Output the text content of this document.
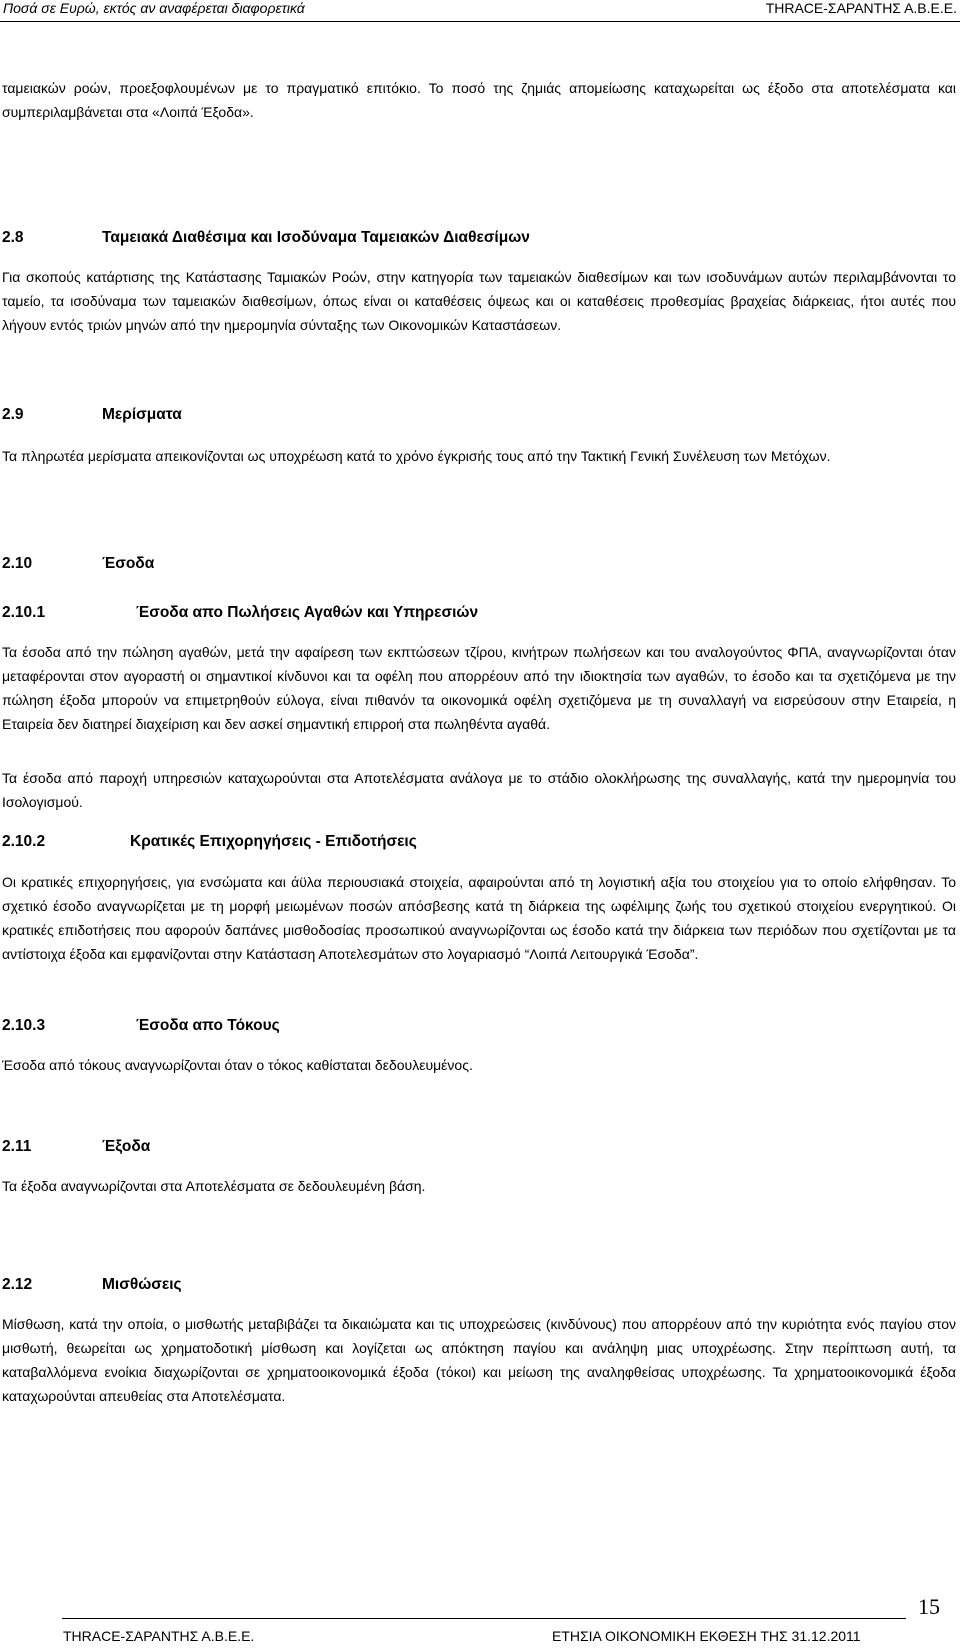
Ποσά σε Ευρώ, εκτός αν αναφέρεται διαφορετικά	THRACE-ΣΑΡΑΝΤΗΣ Α.Β.Ε.Ε.

ταμειακών ροών, προεξοφλουμένων με το πραγματικό επιτόκιο. Το ποσό της ζημιάς απομείωσης καταχωρείται ως έξοδο στα αποτελέσματα και συμπεριλαμβάνεται στα «Λοιπά Έξοδα».

2.8	Ταμειακά Διαθέσιμα και Ισοδύναμα Ταμειακών Διαθεσίμων

Για σκοπούς κατάρτισης της Κατάστασης Ταμιακών Ροών, στην κατηγορία των ταμειακών διαθεσίμων και των ισοδυνάμων αυτών περιλαμβάνονται το ταμείο, τα ισοδύναμα των ταμειακών διαθεσίμων, όπως είναι οι καταθέσεις όψεως και οι καταθέσεις προθεσμίας βραχείας διάρκειας, ήτοι αυτές που λήγουν εντός τριών μηνών από την ημερομηνία σύνταξης των Οικονομικών Καταστάσεων.

2.9	Μερίσματα

Τα πληρωτέα μερίσματα απεικονίζονται ως υποχρέωση κατά το χρόνο έγκρισής τους από την Τακτική Γενική Συνέλευση των Μετόχων.

2.10	Έσοδα
2.10.1	Έσοδα απο Πωλήσεις Αγαθών και Υπηρεσιών

Τα έσοδα από την πώληση αγαθών, μετά την αφαίρεση των εκπτώσεων τζίρου, κινήτρων πωλήσεων και του αναλογούντος ΦΠΑ, αναγνωρίζονται όταν μεταφέρονται στον αγοραστή οι σημαντικοί κίνδυνοι και τα οφέλη που απορρέουν από την ιδιοκτησία των αγαθών, το έσοδο και τα σχετιζόμενα με την πώληση έξοδα μπορούν να επιμετρηθούν εύλογα, είναι πιθανόν τα οικονομικά οφέλη σχετιζόμενα με τη συναλλαγή να εισρεύσουν στην Εταιρεία, η Εταιρεία δεν διατηρεί διαχείριση και δεν ασκεί σημαντική επιρροή στα πωληθέντα αγαθά.

Τα έσοδα από παροχή υπηρεσιών καταχωρούνται στα Αποτελέσματα ανάλογα με το στάδιο ολοκλήρωσης της συναλλαγής, κατά την ημερομηνία του Ισολογισμού.

2.10.2	Κρατικές Επιχορηγήσεις - Επιδοτήσεις

Οι κρατικές επιχορηγήσεις, για ενσώματα και άϋλα περιουσιακά στοιχεία, αφαιρούνται από τη λογιστική αξία του στοιχείου για το οποίο ελήφθησαν. Το σχετικό έσοδο αναγνωρίζεται με τη μορφή μειωμένων ποσών απόσβεσης κατά τη διάρκεια της ωφέλιμης ζωής του σχετικού στοιχείου ενεργητικού. Οι κρατικές επιδοτήσεις που αφορούν δαπάνες μισθοδοσίας προσωπικού αναγνωρίζονται ως έσοδο κατά την διάρκεια των περιόδων που σχετίζονται με τα αντίστοιχα έξοδα και εμφανίζονται στην Κατάσταση Αποτελεσμάτων στο λογαριασμό “Λοιπά Λειτουργικά Έσοδα”.

2.10.3	Έσοδα απο Τόκους

Έσοδα από τόκους αναγνωρίζονται όταν ο τόκος καθίσταται δεδουλευμένος.

2.11	Έξοδα

Τα έξοδα αναγνωρίζονται στα Αποτελέσματα σε δεδουλευμένη βάση.

2.12	Μισθώσεις

Μίσθωση, κατά την οποία, ο μισθωτής μεταβιβάζει τα δικαιώματα και τις υποχρεώσεις (κινδύνους) που απορρέουν από την κυριότητα ενός παγίου στον μισθωτή, θεωρείται ως χρηματοδοτική μίσθωση και λογίζεται ως απόκτηση παγίου και ανάληψη μιας υποχρέωσης. Στην περίπτωση αυτή, τα καταβαλλόμενα ενοίκια διαχωρίζονται σε χρηματοοικονομικά έξοδα (τόκοι) και μείωση της αναληφθείσας υποχρέωσης. Τα χρηματοοικονομικά έξοδα καταχωρούνται απευθείας στα Αποτελέσματα.

15
THRACE-ΣΑΡΑΝΤΗΣ Α.Β.Ε.Ε.	ΕΤΗΣΙΑ ΟΙΚΟΝΟΜΙΚΗ ΕΚΘΕΣΗ ΤΗΣ 31.12.2011
